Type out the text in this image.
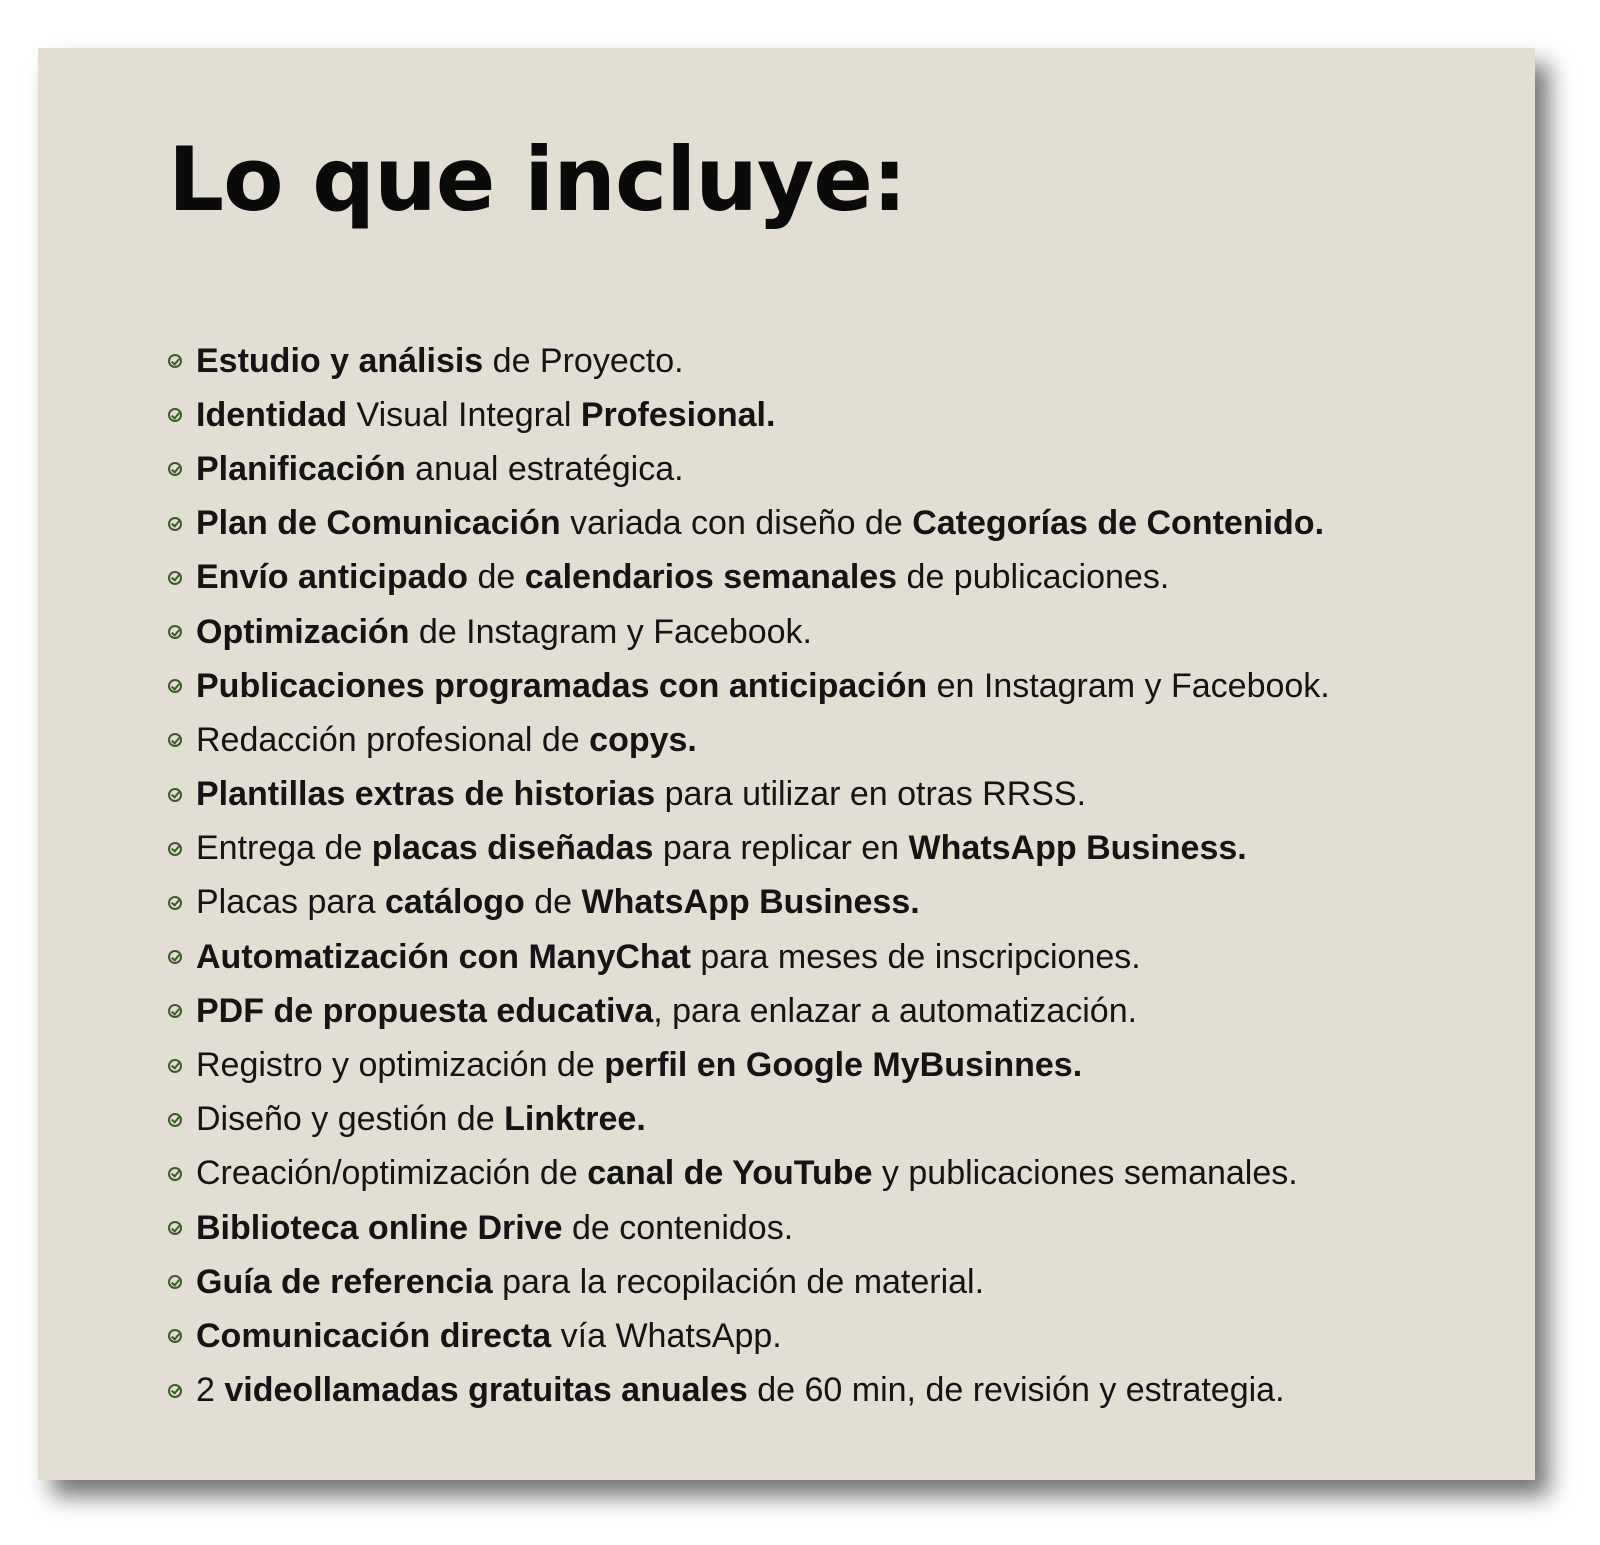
Lo que incluye:
Estudio y análisis de Proyecto.
Identidad Visual Integral Profesional.
Planificación anual estratégica.
Plan de Comunicación variada con diseño de Categorías de Contenido.
Envío anticipado de calendarios semanales de publicaciones.
Optimización de Instagram y Facebook.
Publicaciones programadas con anticipación en Instagram y Facebook.
Redacción profesional de copys.
Plantillas extras de historias para utilizar en otras RRSS.
Entrega de placas diseñadas para replicar en WhatsApp Business.
Placas para catálogo de WhatsApp Business.
Automatización con ManyChat para meses de inscripciones.
PDF de propuesta educativa, para enlazar a automatización.
Registro y optimización de perfil en Google MyBusinnes.
Diseño y gestión de Linktree.
Creación/optimización de canal de YouTube y publicaciones semanales.
Biblioteca online Drive de contenidos.
Guía de referencia para la recopilación de material.
Comunicación directa vía WhatsApp.
2 videollamadas gratuitas anuales de 60 min, de revisión y estrategia.
